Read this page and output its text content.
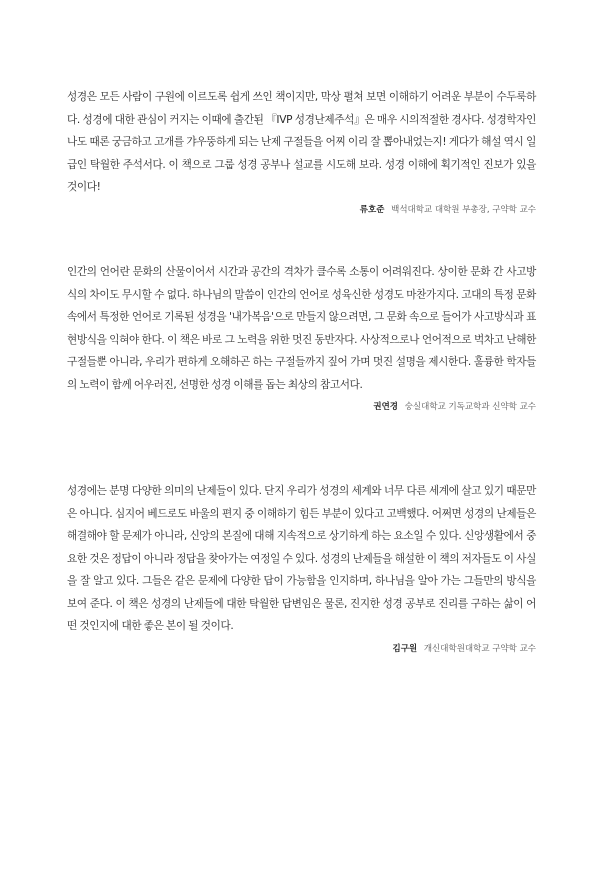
성경은 모든 사람이 구원에 이르도록 쉽게 쓰인 책이지만, 막상 펼쳐 보면 이해하기 어려운 부분이 수두룩하다. 성경에 대한 관심이 커지는 이때에 출간된 『IVP 성경난제주석』은 매우 시의적절한 경사다. 성경학자인 나도 때론 궁금하고 고개를 갸우뚱하게 되는 난제 구절들을 어찌 이리 잘 뽑아내었는지! 게다가 해설 역시 일급인 탁월한 주석서다. 이 책으로 그룹 성경 공부나 설교를 시도해 보라. 성경 이해에 획기적인 진보가 있을 것이다!

류호준 백석대학교 대학원 부총장, 구약학 교수

인간의 언어란 문화의 산물이어서 시간과 공간의 격차가 클수록 소통이 어려워진다. 상이한 문화 간 사고방식의 차이도 무시할 수 없다. 하나님의 말씀이 인간의 언어로 성육신한 성경도 마찬가지다. 고대의 특정 문화 속에서 특정한 언어로 기록된 성경을 '내가복음'으로 만들지 않으려면, 그 문화 속으로 들어가 사고방식과 표현방식을 익혀야 한다. 이 책은 바로 그 노력을 위한 멋진 동반자다. 사상적으로나 언어적으로 벅차고 난해한 구절들뿐 아니라, 우리가 편하게 오해하곤 하는 구절들까지 짚어 가며 멋진 설명을 제시한다. 훌륭한 학자들의 노력이 함께 어우러진, 선명한 성경 이해를 돕는 최상의 참고서다.

권연경 숭실대학교 기독교학과 신약학 교수

성경에는 분명 다양한 의미의 난제들이 있다. 단지 우리가 성경의 세계와 너무 다른 세계에 살고 있기 때문만은 아니다. 심지어 베드로도 바울의 편지 중 이해하기 힘든 부분이 있다고 고백했다. 어쩌면 성경의 난제들은 해결해야 할 문제가 아니라, 신앙의 본질에 대해 지속적으로 상기하게 하는 요소일 수 있다. 신앙생활에서 중요한 것은 정답이 아니라 정답을 찾아가는 여정일 수 있다. 성경의 난제들을 해설한 이 책의 저자들도 이 사실을 잘 알고 있다. 그들은 같은 문제에 다양한 답이 가능함을 인지하며, 하나님을 알아 가는 그들만의 방식을 보여 준다. 이 책은 성경의 난제들에 대한 탁월한 답변임은 물론, 진지한 성경 공부로 진리를 구하는 삶이 어떤 것인지에 대한 좋은 본이 될 것이다.

김구원 개신대학원대학교 구약학 교수
